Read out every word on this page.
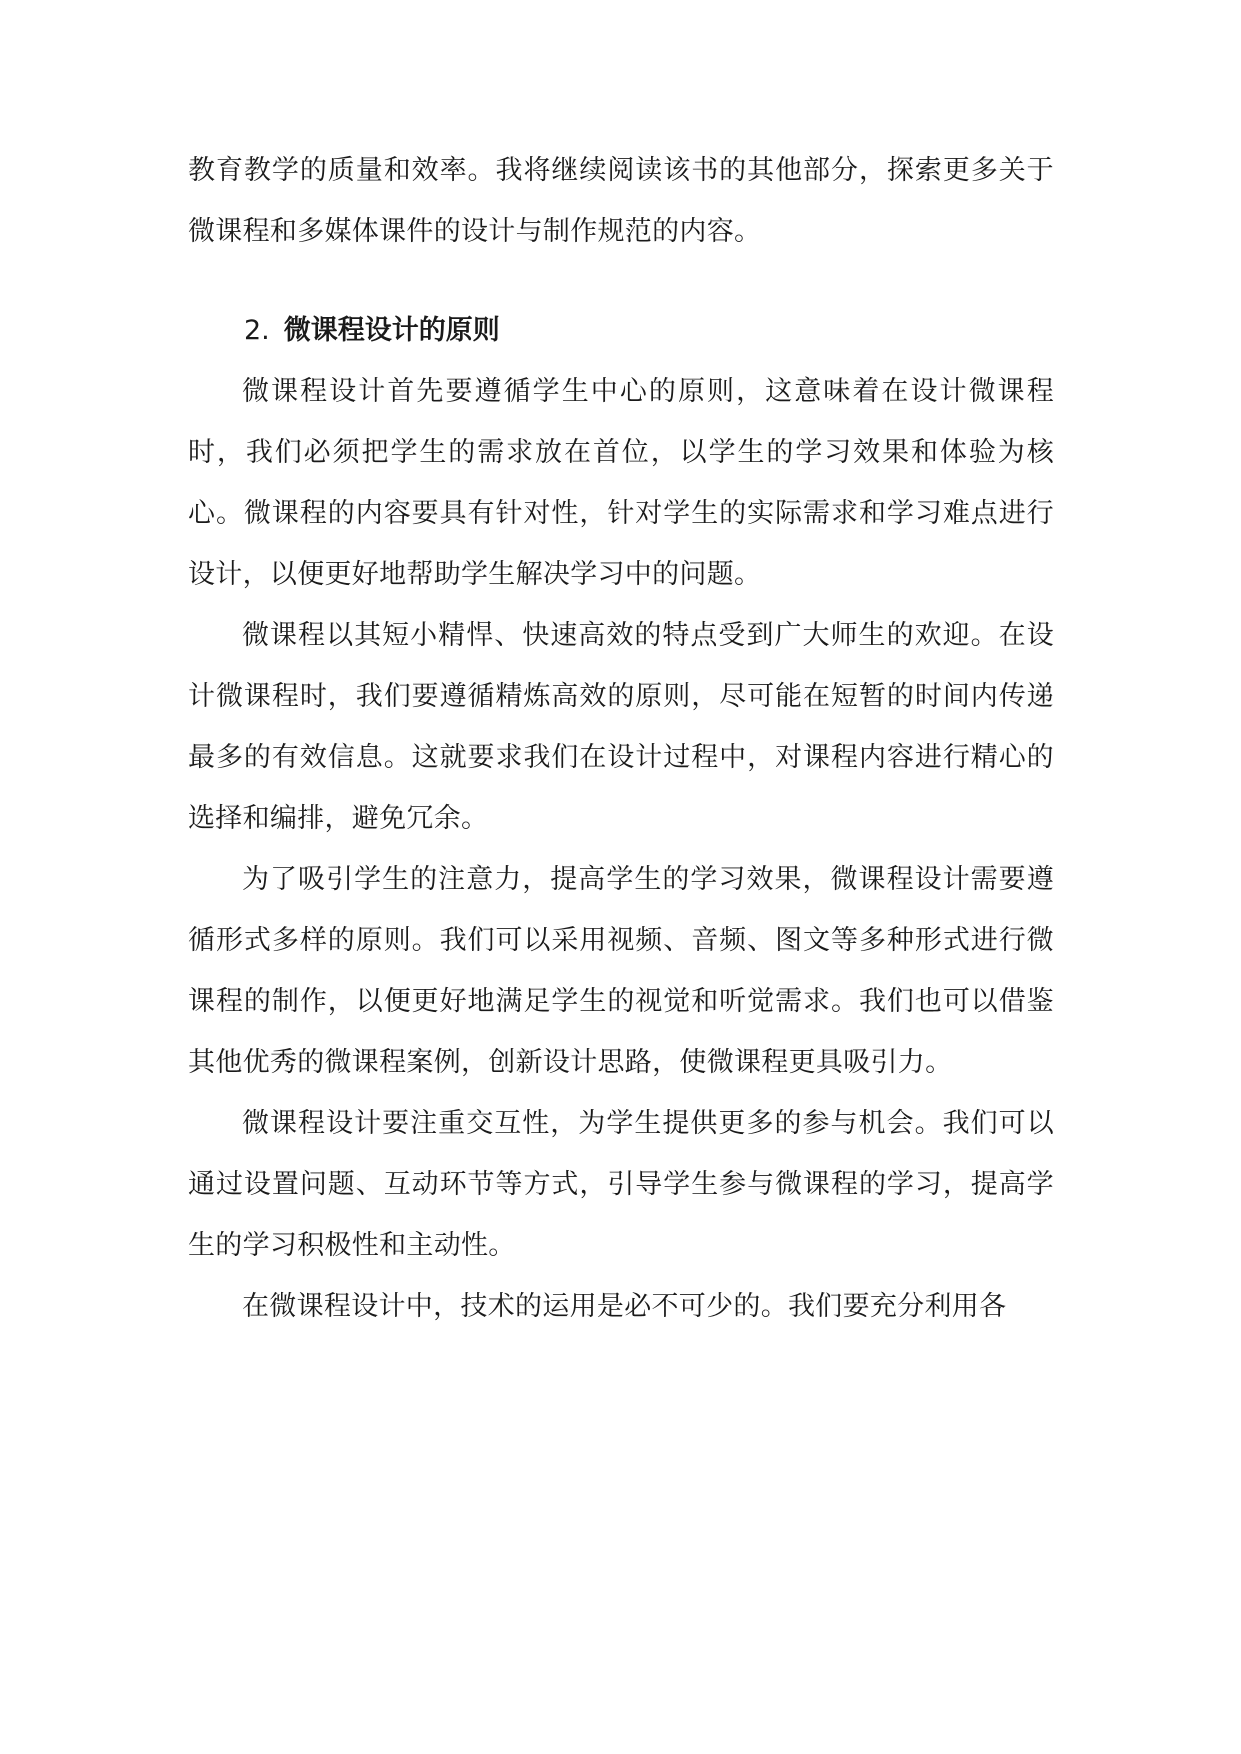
教育教学的质量和效率。我将继续阅读该书的其他部分，探索更多关于微课程和多媒体课件的设计与制作规范的内容。

2. 微课程设计的原则

微课程设计首先要遵循学生中心的原则，这意味着在设计微课程时，我们必须把学生的需求放在首位，以学生的学习效果和体验为核心。微课程的内容要具有针对性，针对学生的实际需求和学习难点进行设计，以便更好地帮助学生解决学习中的问题。

微课程以其短小精悍、快速高效的特点受到广大师生的欢迎。在设计微课程时，我们要遵循精炼高效的原则，尽可能在短暂的时间内传递最多的有效信息。这就要求我们在设计过程中，对课程内容进行精心的选择和编排，避免冗余。

为了吸引学生的注意力，提高学生的学习效果，微课程设计需要遵循形式多样的原则。我们可以采用视频、音频、图文等多种形式进行微课程的制作，以便更好地满足学生的视觉和听觉需求。我们也可以借鉴其他优秀的微课程案例，创新设计思路，使微课程更具吸引力。

微课程设计要注重交互性，为学生提供更多的参与机会。我们可以通过设置问题、互动环节等方式，引导学生参与微课程的学习，提高学生的学习积极性和主动性。

在微课程设计中，技术的运用是必不可少的。我们要充分利用各
